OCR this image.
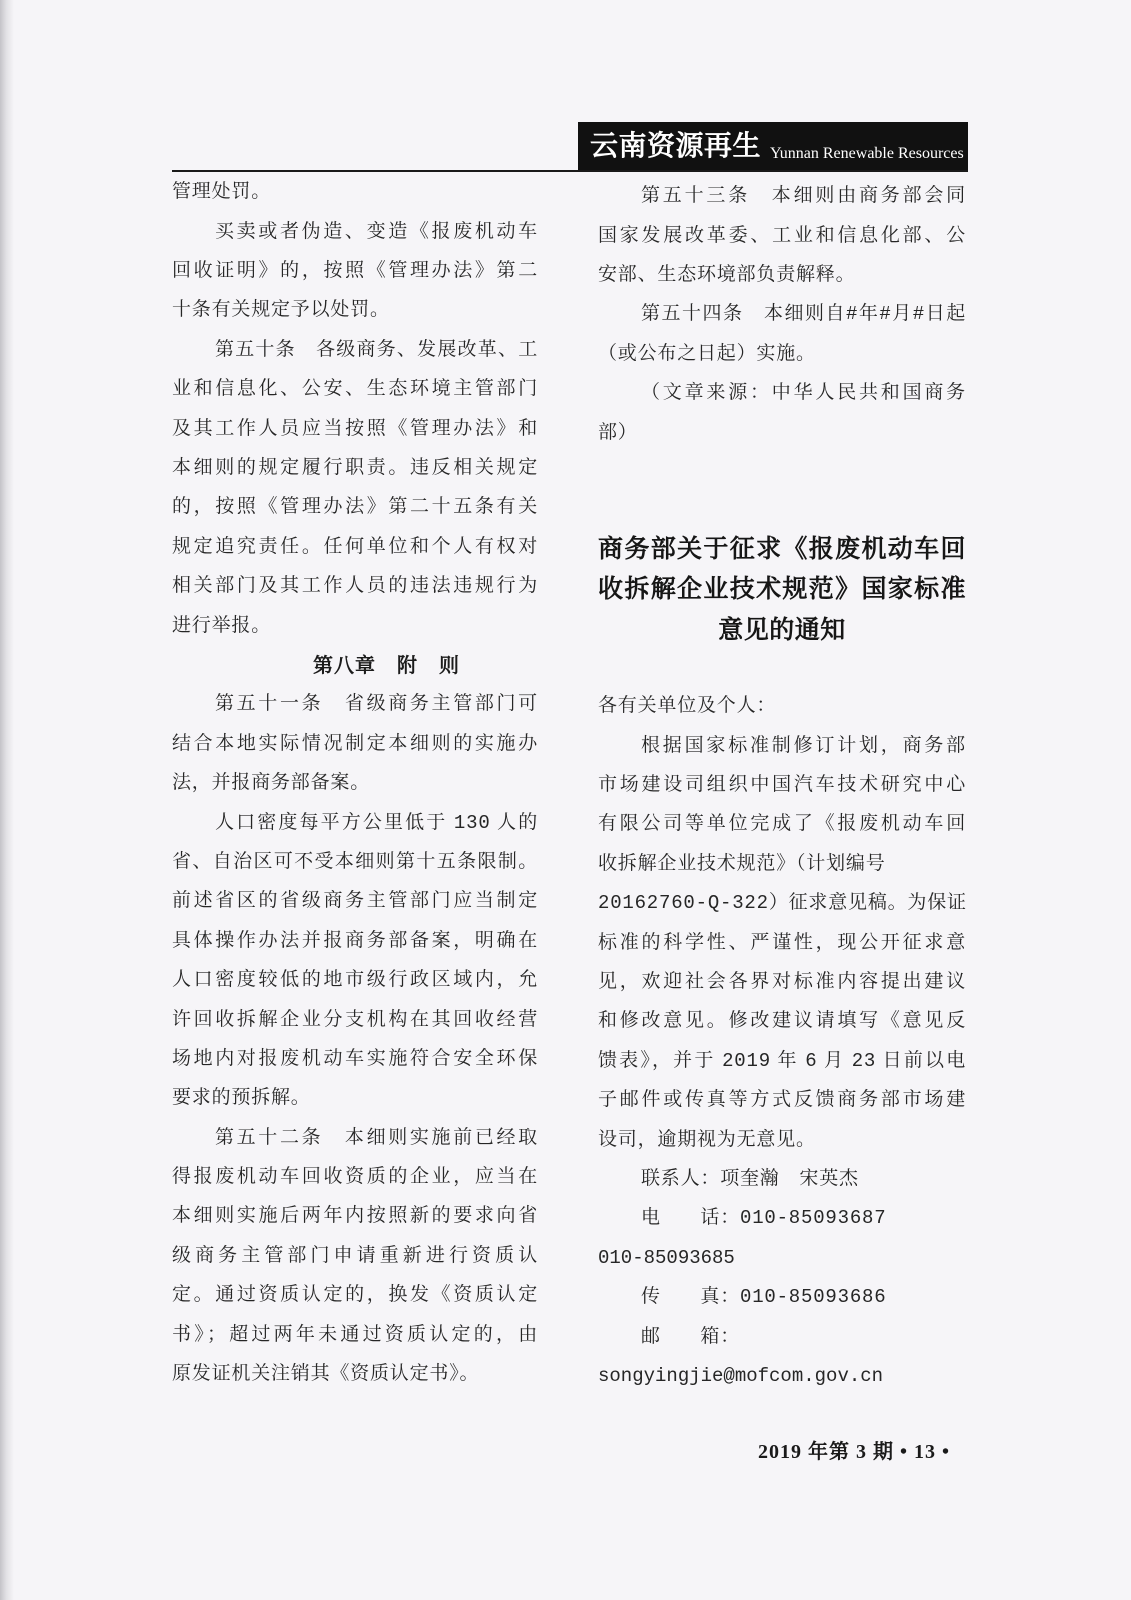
云南资源再生 Yunnan Renewable Resources
管理处罚。
买卖或者伪造、变造《报废机动车
回收证明》的，按照《管理办法》第二
十条有关规定予以处罚。
第五十条　各级商务、发展改革、工
业和信息化、公安、生态环境主管部门
及其工作人员应当按照《管理办法》和
本细则的规定履行职责。违反相关规定
的，按照《管理办法》第二十五条有关
规定追究责任。任何单位和个人有权对
相关部门及其工作人员的违法违规行为
进行举报。
第八章　附　则
第五十一条　省级商务主管部门可
结合本地实际情况制定本细则的实施办
法，并报商务部备案。
人口密度每平方公里低于 130 人的
省、自治区可不受本细则第十五条限制。
前述省区的省级商务主管部门应当制定
具体操作办法并报商务部备案，明确在
人口密度较低的地市级行政区域内，允
许回收拆解企业分支机构在其回收经营
场地内对报废机动车实施符合安全环保
要求的预拆解。
第五十二条　本细则实施前已经取
得报废机动车回收资质的企业，应当在
本细则实施后两年内按照新的要求向省
级商务主管部门申请重新进行资质认
定。通过资质认定的，换发《资质认定
书》；超过两年未通过资质认定的，由
原发证机关注销其《资质认定书》。
第五十三条　本细则由商务部会同
国家发展改革委、工业和信息化部、公
安部、生态环境部负责解释。
第五十四条　本细则自#年#月#日起
（或公布之日起）实施。
（文章来源：中华人民共和国商务
部）
商务部关于征求《报废机动车回
收拆解企业技术规范》国家标准
意见的通知
各有关单位及个人：
根据国家标准制修订计划，商务部
市场建设司组织中国汽车技术研究中心
有限公司等单位完成了《报废机动车回
收拆解企业技术规范》（计划编号
20162760-Q-322）征求意见稿。为保证
标准的科学性、严谨性，现公开征求意
见，欢迎社会各界对标准内容提出建议
和修改意见。修改建议请填写《意见反
馈表》，并于 2019 年 6 月 23 日前以电
子邮件或传真等方式反馈商务部市场建
设司，逾期视为无意见。
联系人：项奎瀚　宋英杰
电　　话：010-85093687
010-85093685
传　　真：010-85093686
邮　　箱：
songyingjie@mofcom.gov.cn
2019 年第 3 期 • 13 •
